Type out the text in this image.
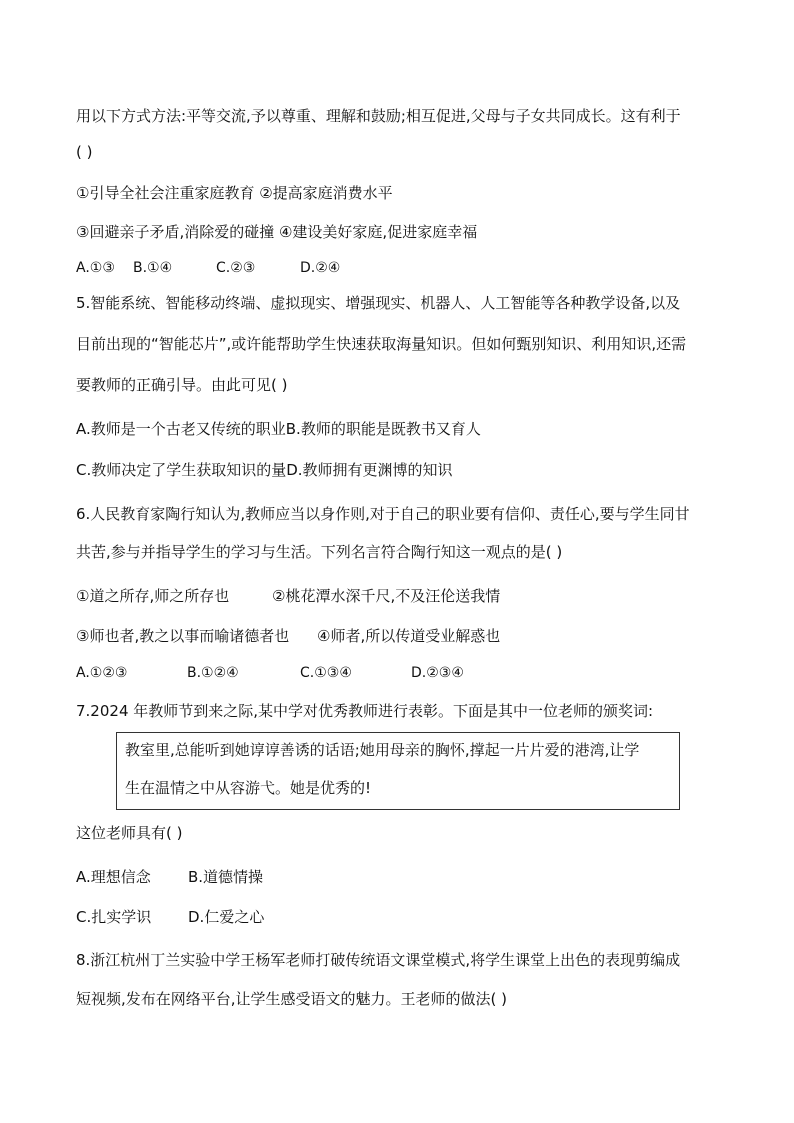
用以下方式方法:平等交流,予以尊重、理解和鼓励;相互促进,父母与子女共同成长。这有利于
( )
①引导全社会注重家庭教育 ②提高家庭消费水平
③回避亲子矛盾,消除爱的碰撞 ④建设美好家庭,促进家庭幸福
A.①③	B.①④	C.②③	D.②④
5.智能系统、智能移动终端、虚拟现实、增强现实、机器人、人工智能等各种教学设备,以及
目前出现的“智能芯片”,或许能帮助学生快速获取海量知识。但如何甄别知识、利用知识,还需
要教师的正确引导。由此可见( )
A.教师是一个古老又传统的职业B.教师的职能是既教书又育人
C.教师决定了学生获取知识的量D.教师拥有更渊博的知识
6.人民教育家陶行知认为,教师应当以身作则,对于自己的职业要有信仰、责任心,要与学生同甘
共苦,参与并指导学生的学习与生活。下列名言符合陶行知这一观点的是( )
①道之所存,师之所存也	②桃花潭水深千尺,不及汪伦送我情
③师也者,教之以事而喻诸德者也 ④师者,所以传道受业解惑也
A.①②③	B.①②④	C.①③④	D.②③④
7.2024 年教师节到来之际,某中学对优秀教师进行表彰。下面是其中一位老师的颁奖词:
教室里,总能听到她谆谆善诱的话语;她用母亲的胸怀,撑起一片片爱的港湾,让学
生在温情之中从容游弋。她是优秀的!
这位老师具有( )
A.理想信念 B.道德情操
C.扎实学识 D.仁爱之心
8.浙江杭州丁兰实验中学王杨军老师打破传统语文课堂模式,将学生课堂上出色的表现剪编成
短视频,发布在网络平台,让学生感受语文的魅力。王老师的做法( )
